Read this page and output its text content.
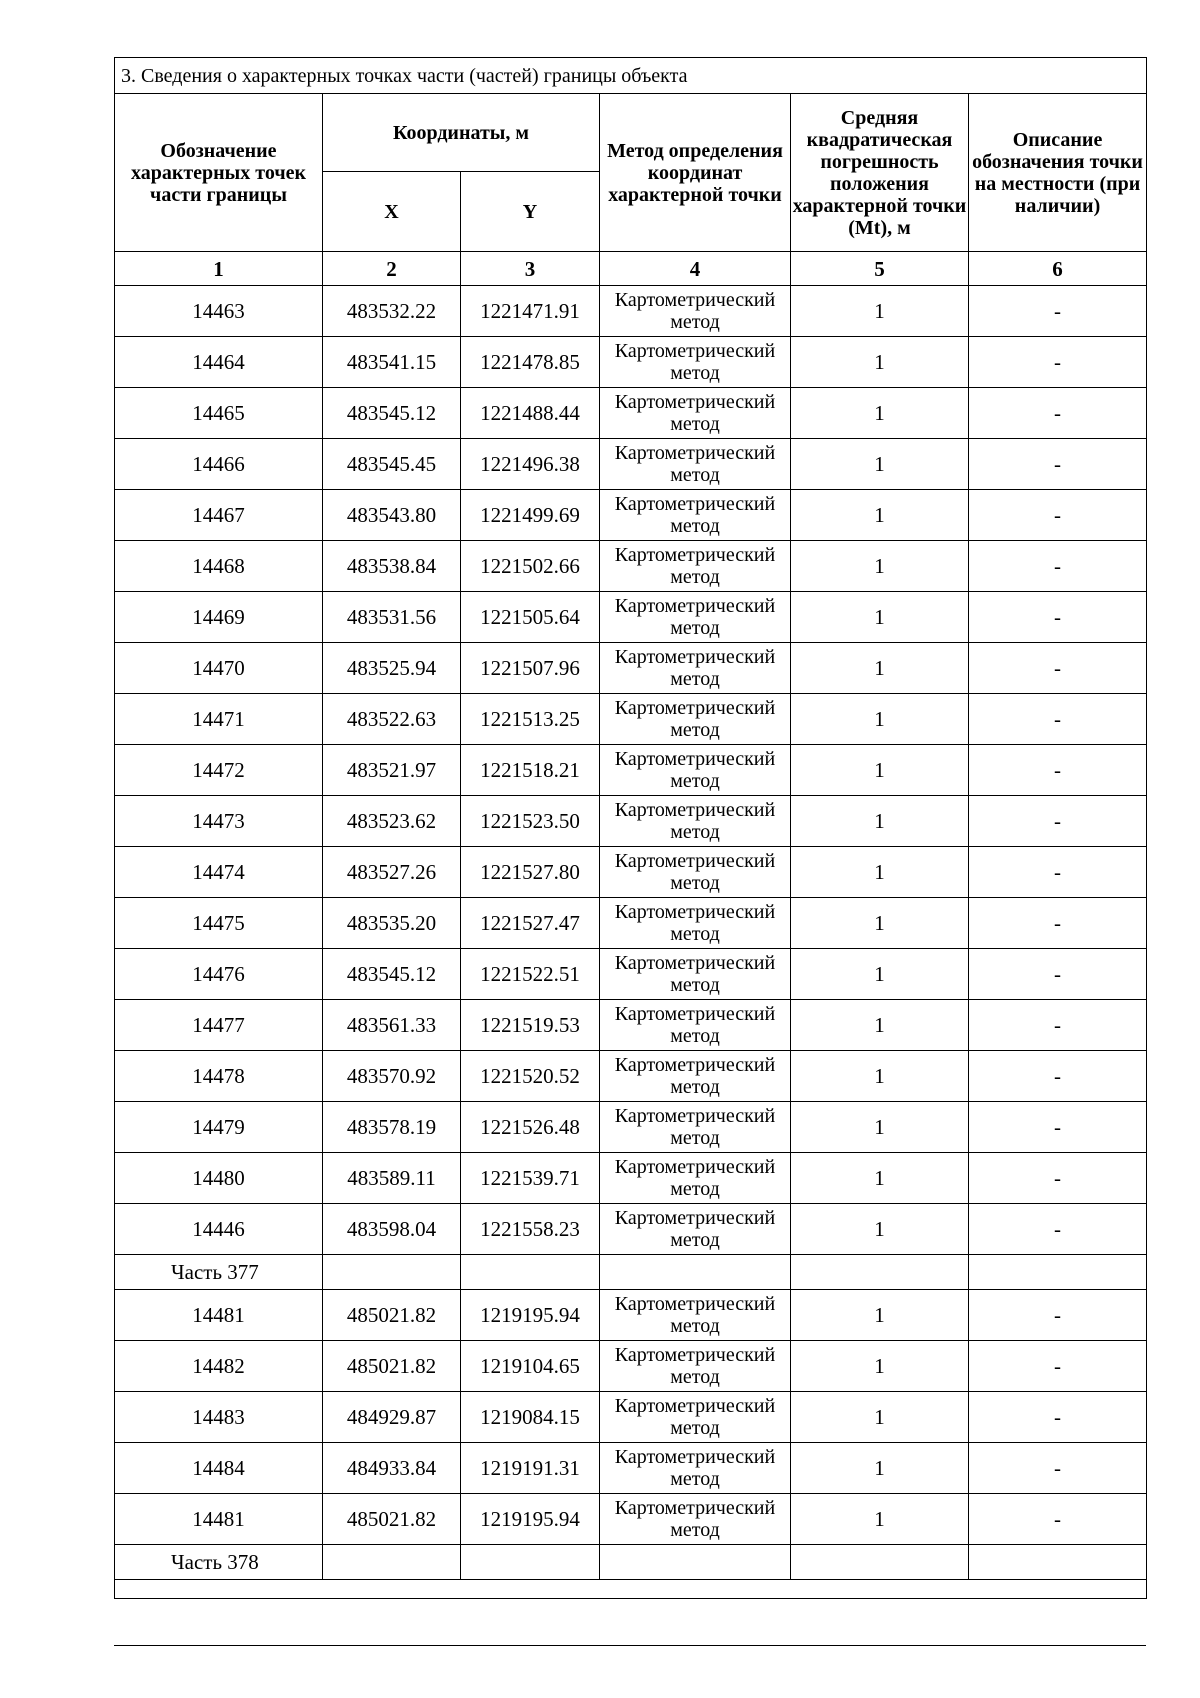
3. Сведения о характерных точках части (частей) границы объекта					
Обозначение характерных точек части границы	Координаты, м		Метод определения координат характерной точки	Средняя квадратическая погрешность положения характерной точки (Mt), м	Описание обозначения точки на местности (при наличии)
	X	Y			
1	2	3	4	5	6
14463	483532.22	1221471.91	Картометрический метод	1	-
14464	483541.15	1221478.85	Картометрический метод	1	-
14465	483545.12	1221488.44	Картометрический метод	1	-
14466	483545.45	1221496.38	Картометрический метод	1	-
14467	483543.80	1221499.69	Картометрический метод	1	-
14468	483538.84	1221502.66	Картометрический метод	1	-
14469	483531.56	1221505.64	Картометрический метод	1	-
14470	483525.94	1221507.96	Картометрический метод	1	-
14471	483522.63	1221513.25	Картометрический метод	1	-
14472	483521.97	1221518.21	Картометрический метод	1	-
14473	483523.62	1221523.50	Картометрический метод	1	-
14474	483527.26	1221527.80	Картометрический метод	1	-
14475	483535.20	1221527.47	Картометрический метод	1	-
14476	483545.12	1221522.51	Картометрический метод	1	-
14477	483561.33	1221519.53	Картометрический метод	1	-
14478	483570.92	1221520.52	Картометрический метод	1	-
14479	483578.19	1221526.48	Картометрический метод	1	-
14480	483589.11	1221539.71	Картометрический метод	1	-
14446	483598.04	1221558.23	Картометрический метод	1	-
Часть 377					
14481	485021.82	1219195.94	Картометрический метод	1	-
14482	485021.82	1219104.65	Картометрический метод	1	-
14483	484929.87	1219084.15	Картометрический метод	1	-
14484	484933.84	1219191.31	Картометрический метод	1	-
14481	485021.82	1219195.94	Картометрический метод	1	-
Часть 378					
